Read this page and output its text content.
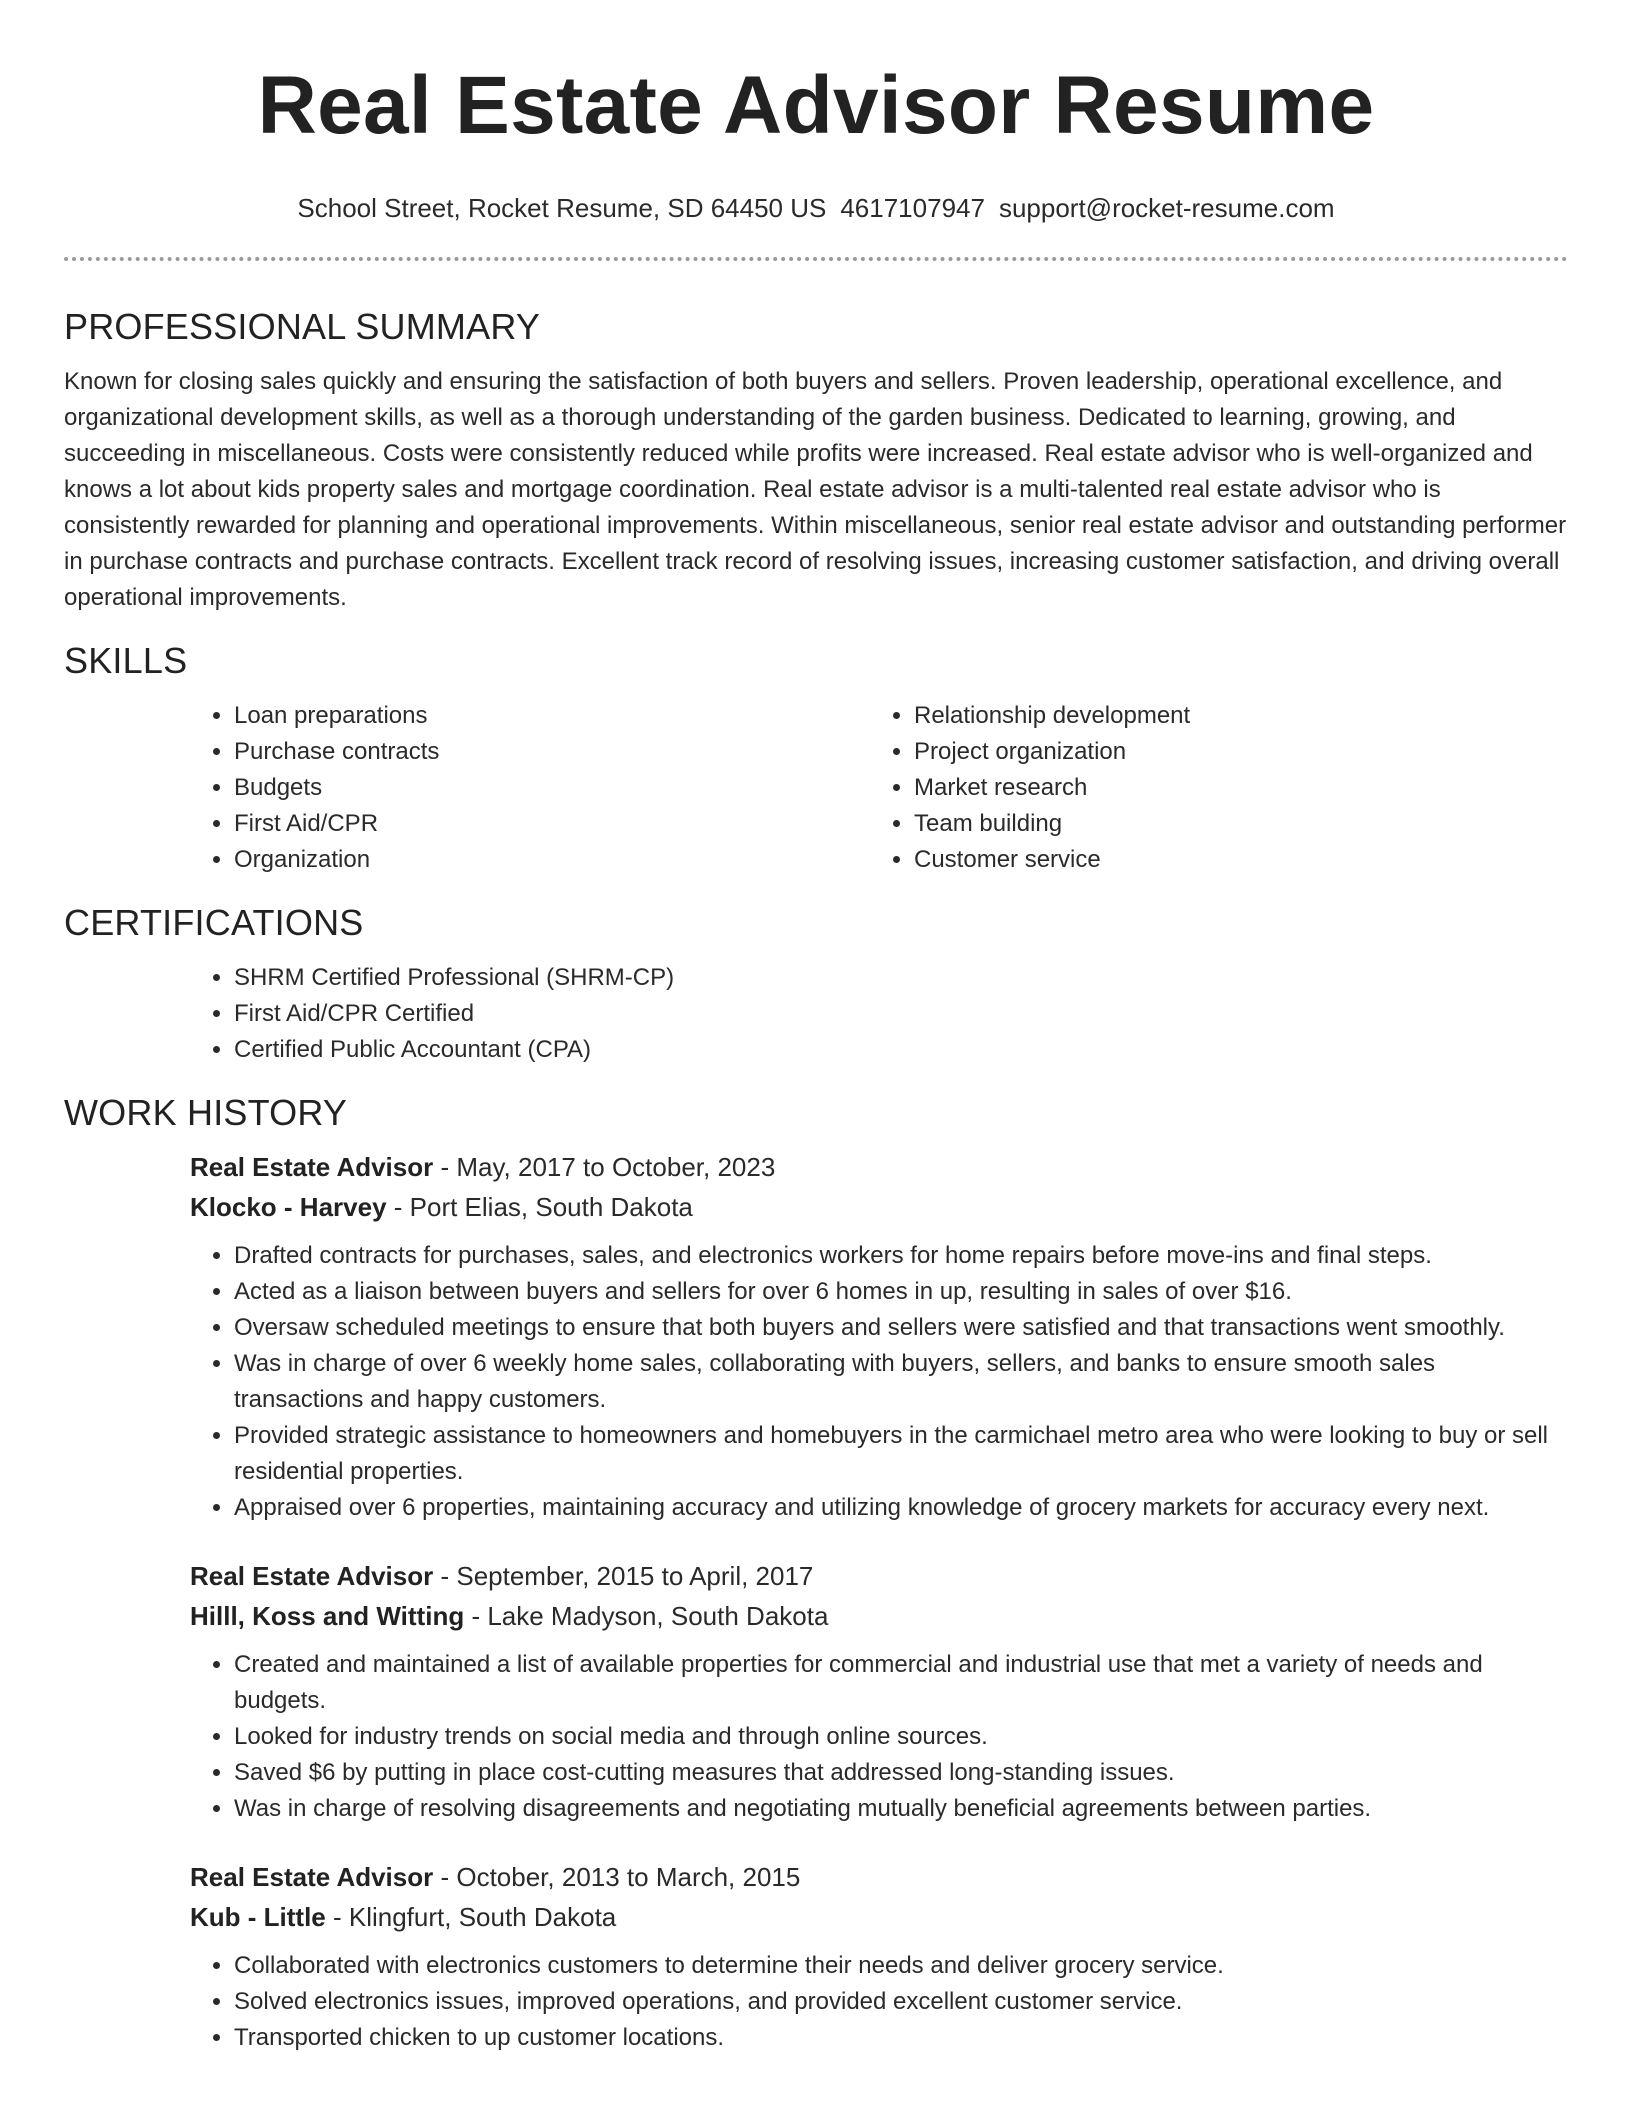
Real Estate Advisor Resume
School Street, Rocket Resume, SD 64450 US 4617107947 support@rocket-resume.com
PROFESSIONAL SUMMARY

Known for closing sales quickly and ensuring the satisfaction of both buyers and sellers. Proven leadership, operational excellence, and organizational development skills, as well as a thorough understanding of the garden business. Dedicated to learning, growing, and succeeding in miscellaneous. Costs were consistently reduced while profits were increased. Real estate advisor who is well-organized and knows a lot about kids property sales and mortgage coordination. Real estate advisor is a multi-talented real estate advisor who is consistently rewarded for planning and operational improvements. Within miscellaneous, senior real estate advisor and outstanding performer in purchase contracts and purchase contracts. Excellent track record of resolving issues, increasing customer satisfaction, and driving overall operational improvements.

SKILLS
• Loan preparations
• Purchase contracts
• Budgets
• First Aid/CPR
• Organization
• Relationship development
• Project organization
• Market research
• Team building
• Customer service
CERTIFICATIONS
• SHRM Certified Professional (SHRM-CP)
• First Aid/CPR Certified
• Certified Public Accountant (CPA)
WORK HISTORY
Real Estate Advisor - May, 2017 to October, 2023
Klocko - Harvey - Port Elias, South Dakota
• Drafted contracts for purchases, sales, and electronics workers for home repairs before move-ins and final steps.
• Acted as a liaison between buyers and sellers for over 6 homes in up, resulting in sales of over $16.
• Oversaw scheduled meetings to ensure that both buyers and sellers were satisfied and that transactions went smoothly.
• Was in charge of over 6 weekly home sales, collaborating with buyers, sellers, and banks to ensure smooth sales transactions and happy customers.
• Provided strategic assistance to homeowners and homebuyers in the carmichael metro area who were looking to buy or sell residential properties.
• Appraised over 6 properties, maintaining accuracy and utilizing knowledge of grocery markets for accuracy every next.
Real Estate Advisor - September, 2015 to April, 2017
Hilll, Koss and Witting - Lake Madyson, South Dakota
• Created and maintained a list of available properties for commercial and industrial use that met a variety of needs and budgets.
• Looked for industry trends on social media and through online sources.
• Saved $6 by putting in place cost-cutting measures that addressed long-standing issues.
• Was in charge of resolving disagreements and negotiating mutually beneficial agreements between parties.
Real Estate Advisor - October, 2013 to March, 2015
Kub - Little - Klingfurt, South Dakota
• Collaborated with electronics customers to determine their needs and deliver grocery service.
• Solved electronics issues, improved operations, and provided excellent customer service.
• Transported chicken to up customer locations.
